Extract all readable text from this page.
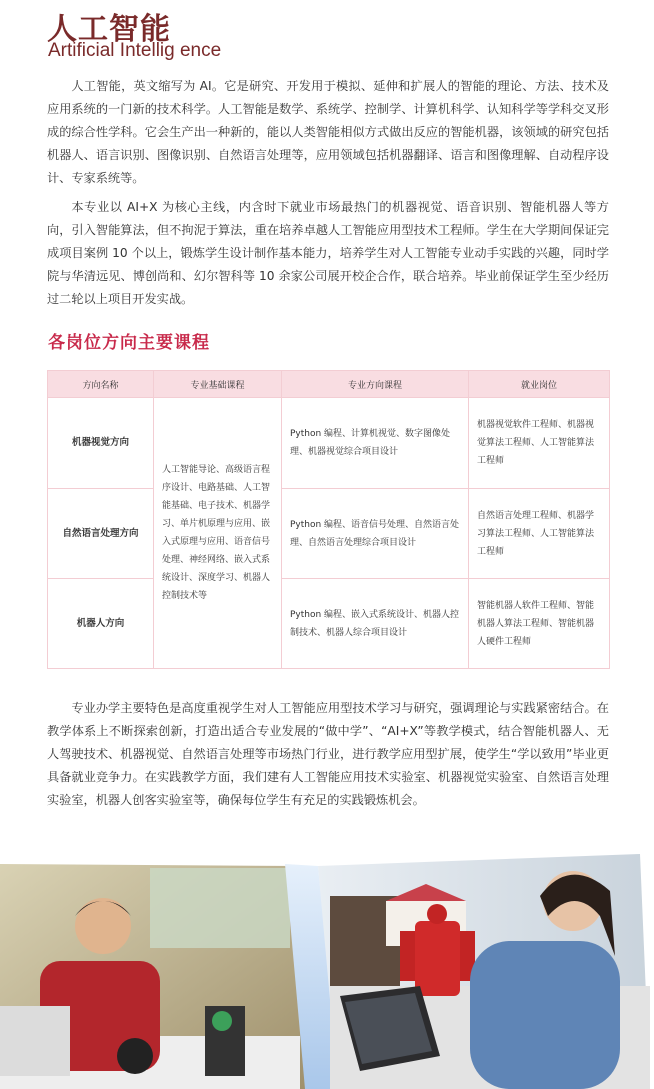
人工智能
Artificial Intellig ence

人工智能，英文缩写为 AI。它是研究、开发用于模拟、延伸和扩展人的智能的理论、方法、技术及应用系统的一门新的技术科学。人工智能是数学、系统学、控制学、计算机科学、认知科学等学科交叉形成的综合性学科。它会生产出一种新的，能以人类智能相似方式做出反应的智能机器，该领域的研究包括机器人、语言识别、图像识别、自然语言处理等，应用领域包括机器翻译、语言和图像理解、自动程序设计、专家系统等。

本专业以 AI+X 为核心主线，内含时下就业市场最热门的机器视觉、语音识别、智能机器人等方向，引入智能算法，但不拘泥于算法，重在培养卓越人工智能应用型技术工程师。学生在大学期间保证完成项目案例 10 个以上，锻炼学生设计制作基本能力，培养学生对人工智能专业动手实践的兴趣，同时学院与华清远见、博创尚和、幻尔智科等 10 余家公司展开校企合作，联合培养。毕业前保证学生至少经历过二轮以上项目开发实战。

各岗位方向主要课程
方向名称	专业基础课程	专业方向课程	就业岗位
机器视觉方向	人工智能导论、高级语言程序设计、电路基础、人工智能基础、电子技术、机器学习、单片机原理与应用、嵌入式原理与应用、语音信号处理、神经网络、嵌入式系统设计、深度学习、机器人控制技术等	Python 编程、计算机视觉、数字图像处理、机器视觉综合项目设计	机器视觉软件工程师、机器视觉算法工程师、人工智能算法工程师
自然语言处理方向		Python 编程、语音信号处理、自然语言处理、自然语言处理综合项目设计	自然语言处理工程师、机器学习算法工程师、人工智能算法工程师
机器人方向		Python 编程、嵌入式系统设计、机器人控制技术、机器人综合项目设计	智能机器人软件工程师、智能机器人算法工程师、智能机器人硬件工程师

专业办学主要特色是高度重视学生对人工智能应用型技术学习与研究，强调理论与实践紧密结合。在教学体系上不断探索创新，打造出适合专业发展的“做中学”、“AI+X”等教学模式，结合智能机器人、无人驾驶技术、机器视觉、自然语言处理等市场热门行业，进行教学应用型扩展，使学生“学以致用”毕业更具备就业竞争力。在实践教学方面，我们建有人工智能应用技术实验室、机器视觉实验室、自然语言处理实验室，机器人创客实验室等，确保每位学生有充足的实践锻炼机会。
